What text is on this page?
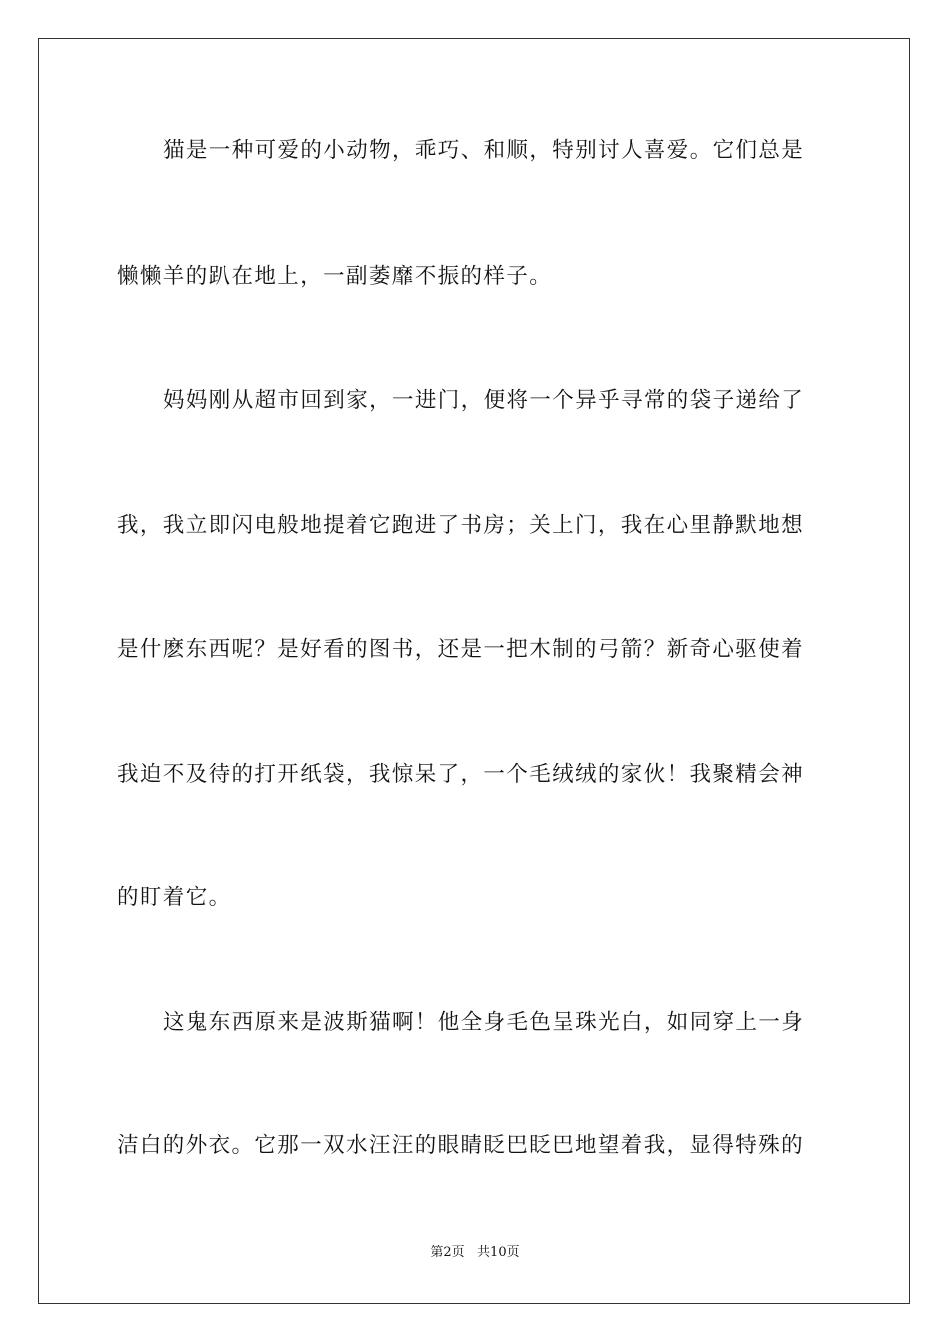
猫是一种可爱的小动物，乖巧、和顺，特别讨人喜爱。它们总是
懒懒羊的趴在地上，一副萎靡不振的样子。
妈妈刚从超市回到家，一进门，便将一个异乎寻常的袋子递给了
我，我立即闪电般地提着它跑进了书房；关上门，我在心里静默地想
是什麽东西呢？是好看的图书，还是一把木制的弓箭？新奇心驱使着
我迫不及待的打开纸袋，我惊呆了，一个毛绒绒的家伙！我聚精会神
的盯着它。
这鬼东西原来是波斯猫啊！他全身毛色呈珠光白，如同穿上一身
洁白的外衣。它那一双水汪汪的眼睛眨巴眨巴地望着我，显得特殊的
第2页   共10页
